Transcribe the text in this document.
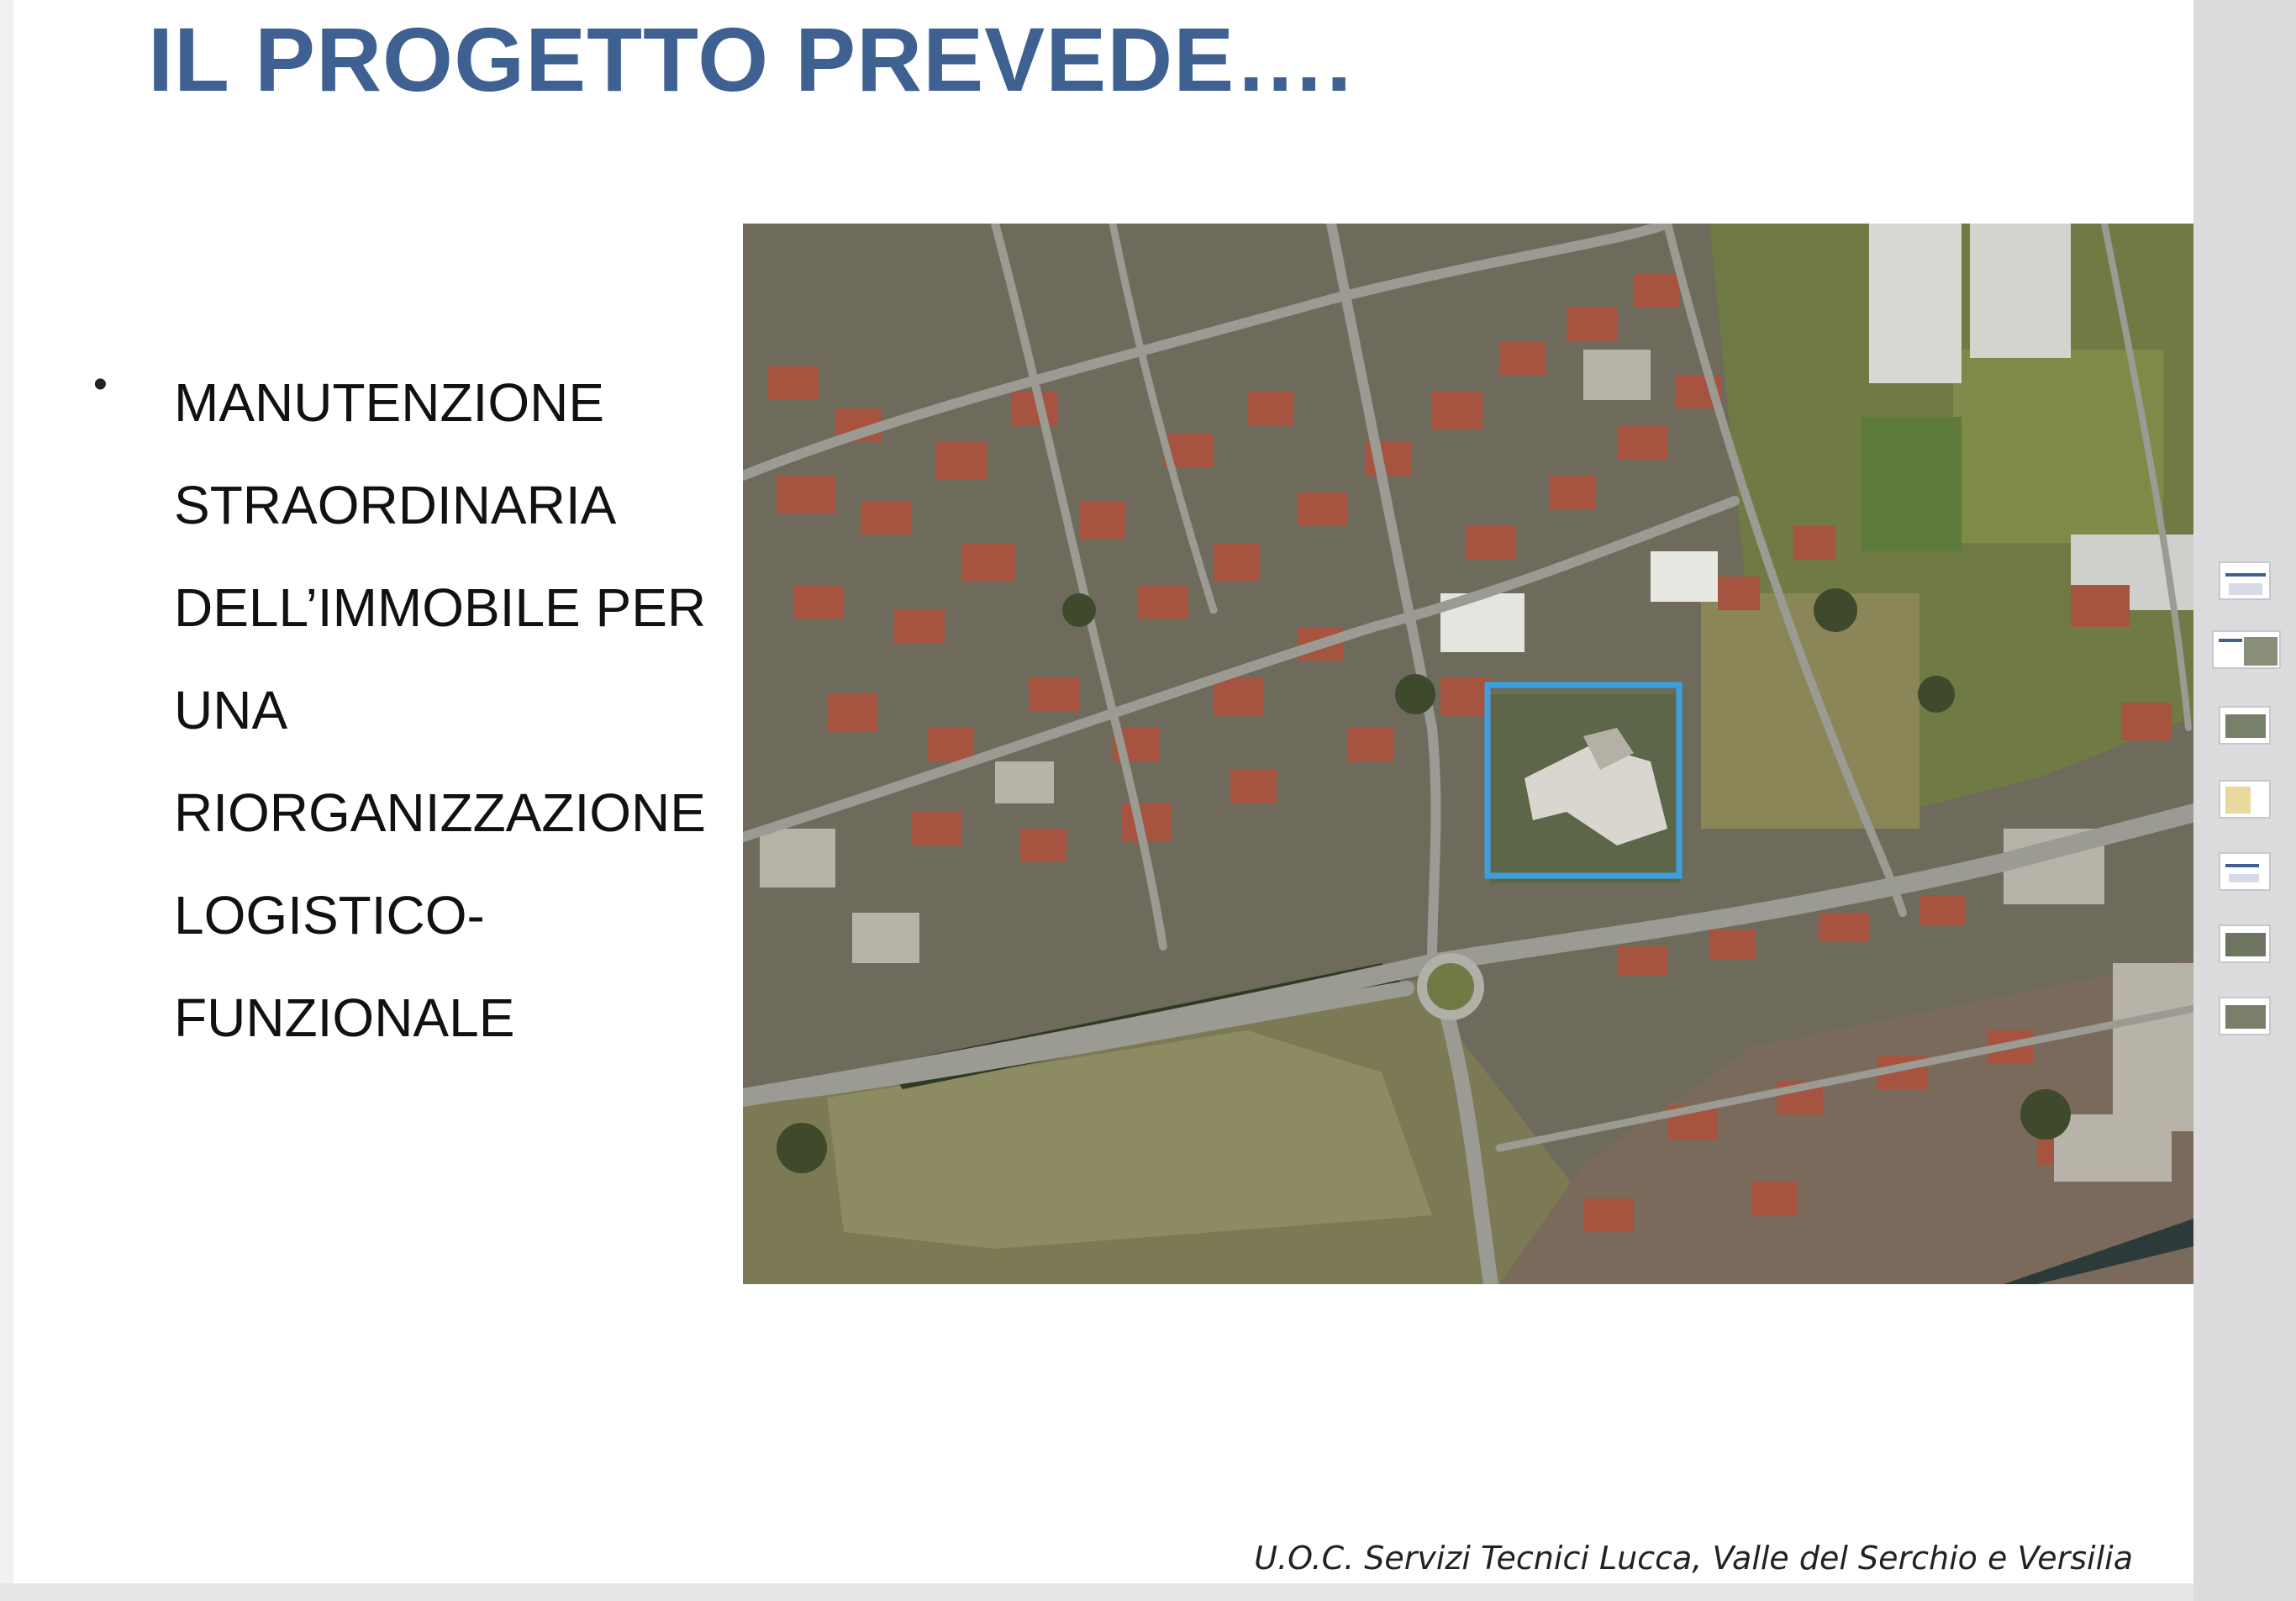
IL PROGETTO PREVEDE….
• MANUTENZIONE
STRAORDINARIA
DELL’IMMOBILE PER
UNA
RIORGANIZZAZIONE
LOGISTICO-
FUNZIONALE
U.O.C. Servizi Tecnici Lucca, Valle del Serchio e Versilia
